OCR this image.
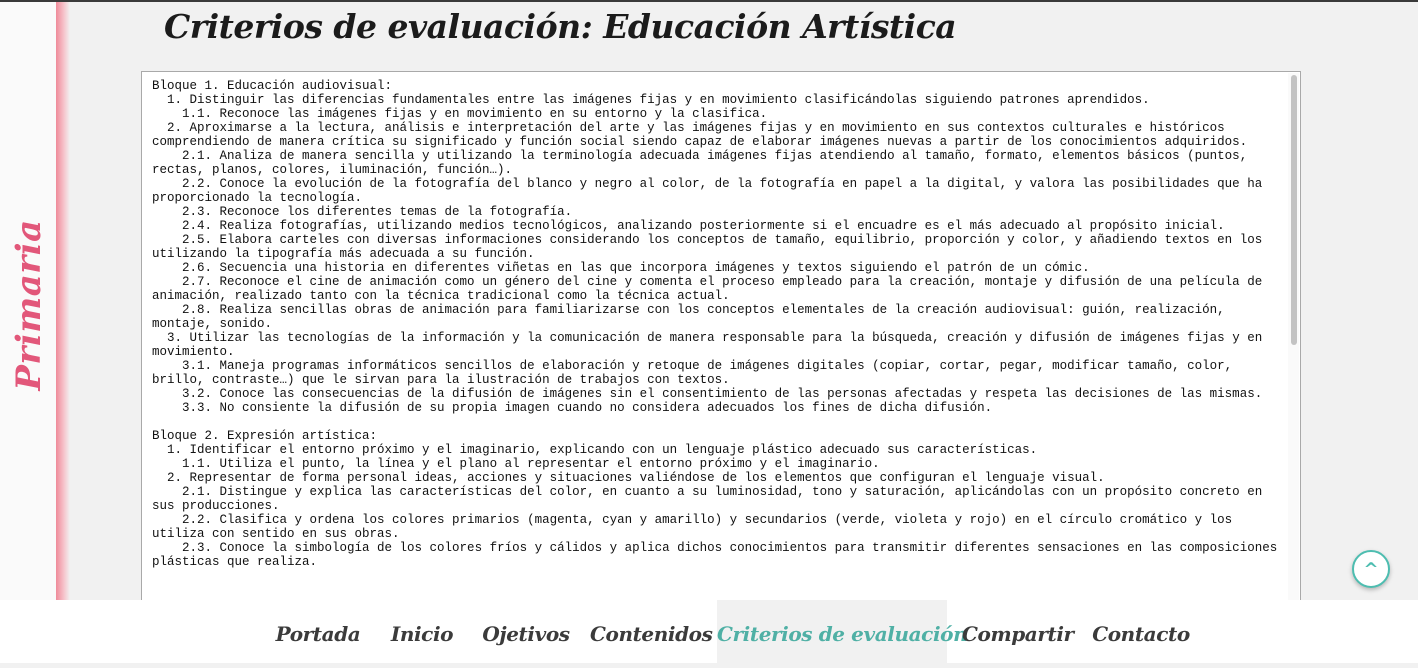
Primaria
Criterios de evaluación: Educación Artística
Bloque 1. Educación audiovisual:
1. Distinguir las diferencias fundamentales entre las imágenes fijas y en movimiento clasificándolas siguiendo patrones aprendidos.
1.1. Reconoce las imágenes fijas y en movimiento en su entorno y la clasifica.
2. Aproximarse a la lectura, análisis e interpretación del arte y las imágenes fijas y en movimiento en sus contextos culturales e históricos comprendiendo de manera crítica su significado y función social siendo capaz de elaborar imágenes nuevas a partir de los conocimientos adquiridos.
2.1. Analiza de manera sencilla y utilizando la terminología adecuada imágenes fijas atendiendo al tamaño, formato, elementos básicos (puntos, rectas, planos, colores, iluminación, función…).
2.2. Conoce la evolución de la fotografía del blanco y negro al color, de la fotografía en papel a la digital, y valora las posibilidades que ha proporcionado la tecnología.
2.3. Reconoce los diferentes temas de la fotografía.
2.4. Realiza fotografías, utilizando medios tecnológicos, analizando posteriormente si el encuadre es el más adecuado al propósito inicial.
2.5. Elabora carteles con diversas informaciones considerando los conceptos de tamaño, equilibrio, proporción y color, y añadiendo textos en los utilizando la tipografía más adecuada a su función.
2.6. Secuencia una historia en diferentes viñetas en las que incorpora imágenes y textos siguiendo el patrón de un cómic.
2.7. Reconoce el cine de animación como un género del cine y comenta el proceso empleado para la creación, montaje y difusión de una película de animación, realizado tanto con la técnica tradicional como la técnica actual.
2.8. Realiza sencillas obras de animación para familiarizarse con los conceptos elementales de la creación audiovisual: guión, realización, montaje, sonido.
3. Utilizar las tecnologías de la información y la comunicación de manera responsable para la búsqueda, creación y difusión de imágenes fijas y en movimiento.
3.1. Maneja programas informáticos sencillos de elaboración y retoque de imágenes digitales (copiar, cortar, pegar, modificar tamaño, color, brillo, contraste…) que le sirvan para la ilustración de trabajos con textos.
3.2. Conoce las consecuencias de la difusión de imágenes sin el consentimiento de las personas afectadas y respeta las decisiones de las mismas.
3.3. No consiente la difusión de su propia imagen cuando no considera adecuados los fines de dicha difusión.

Bloque 2. Expresión artística:
1. Identificar el entorno próximo y el imaginario, explicando con un lenguaje plástico adecuado sus características.
1.1. Utiliza el punto, la línea y el plano al representar el entorno próximo y el imaginario.
2. Representar de forma personal ideas, acciones y situaciones valiéndose de los elementos que configuran el lenguaje visual.
2.1. Distingue y explica las características del color, en cuanto a su luminosidad, tono y saturación, aplicándolas con un propósito concreto en sus producciones.
2.2. Clasifica y ordena los colores primarios (magenta, cyan y amarillo) y secundarios (verde, violeta y rojo) en el círculo cromático y los utiliza con sentido en sus obras.
2.3. Conoce la simbología de los colores fríos y cálidos y aplica dichos conocimientos para transmitir diferentes sensaciones en las composiciones plásticas que realiza.	^
Portada Inicio Ojetivos Contenidos Criterios de evaluación
Compartir Contacto
